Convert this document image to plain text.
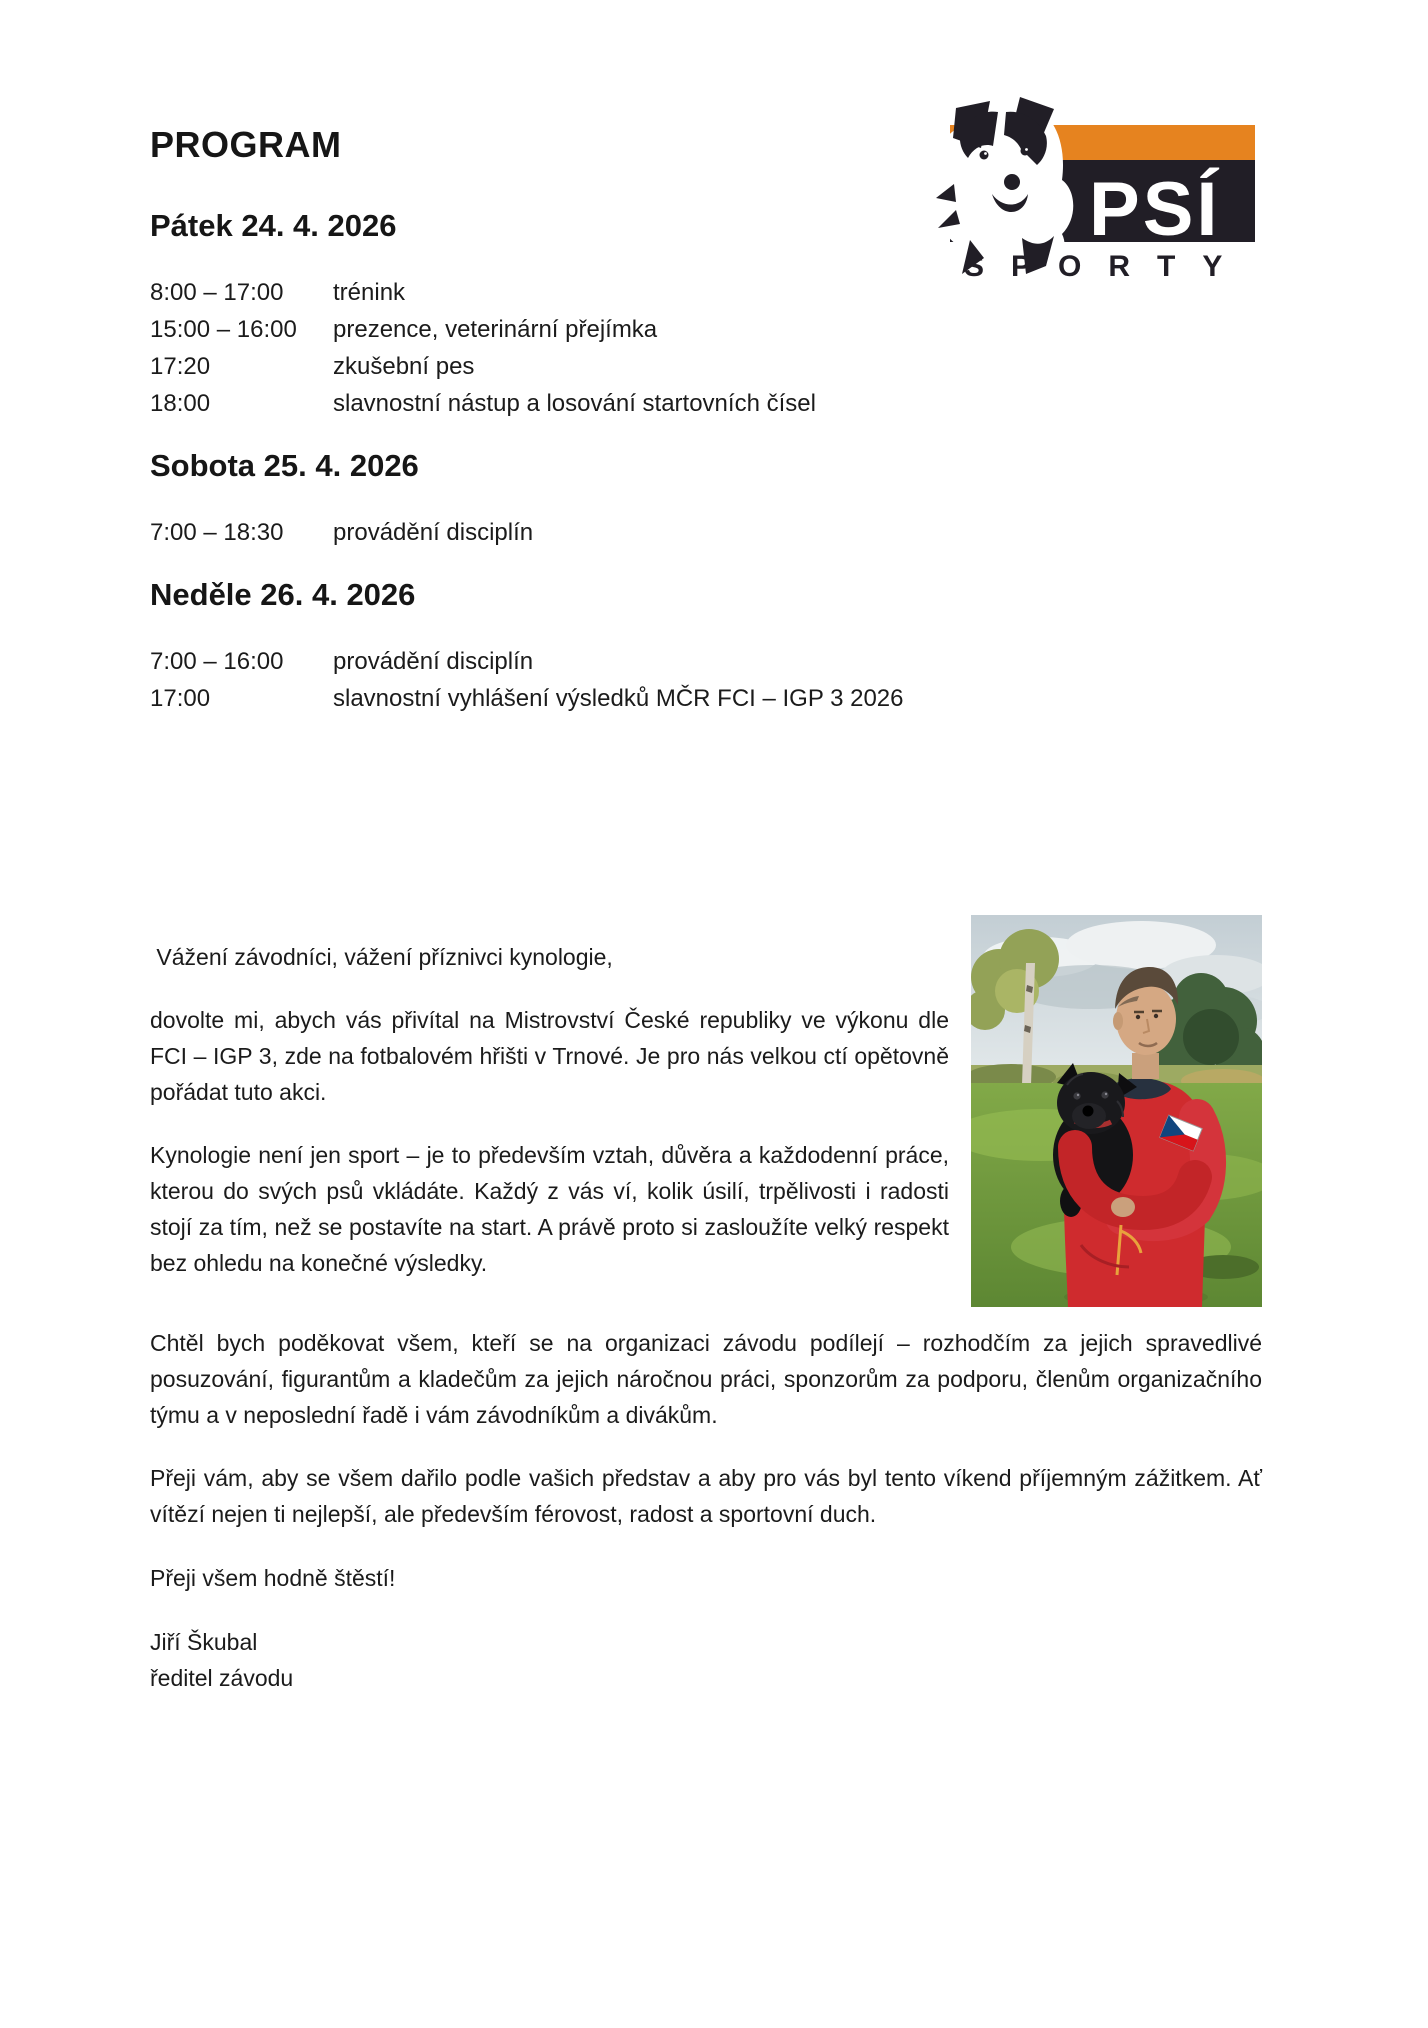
PROGRAM
PSÍ
SPORTY
Pátek 24. 4. 2026
8:00 – 17:00	trénink
15:00 – 16:00	prezence, veterinární přejímka
17:20	zkušební pes
18:00	slavnostní nástup a losování startovních čísel
Sobota 25. 4. 2026
7:00 – 18:30	provádění disciplín
Neděle 26. 4. 2026
7:00 – 16:00	provádění disciplín
17:00	slavnostní vyhlášení výsledků MČR FCI – IGP 3 2026

Vážení závodníci, vážení příznivci kynologie,

dovolte mi, abych vás přivítal na Mistrovství České republiky ve výkonu dle FCI – IGP 3, zde na fotbalovém hřišti v Trnové. Je pro nás velkou ctí opětovně pořádat tuto akci.

Kynologie není jen sport – je to především vztah, důvěra a každodenní práce, kterou do svých psů vkládáte. Každý z vás ví, kolik úsilí, trpělivosti i radosti stojí za tím, než se postavíte na start. A právě proto si zasloužíte velký respekt bez ohledu na konečné výsledky.

Chtěl bych poděkovat všem, kteří se na organizaci závodu podílejí – rozhodčím za jejich spravedlivé posuzování, figurantům a kladečům za jejich náročnou práci, sponzorům za podporu, členům organizačního týmu a v neposlední řadě i vám závodníkům a divákům.

Přeji vám, aby se všem dařilo podle vašich představ a aby pro vás byl tento víkend příjemným zážitkem. Ať vítězí nejen ti nejlepší, ale především férovost, radost a sportovní duch.

Přeji všem hodně štěstí!

Jiří Škubal

ředitel závodu
